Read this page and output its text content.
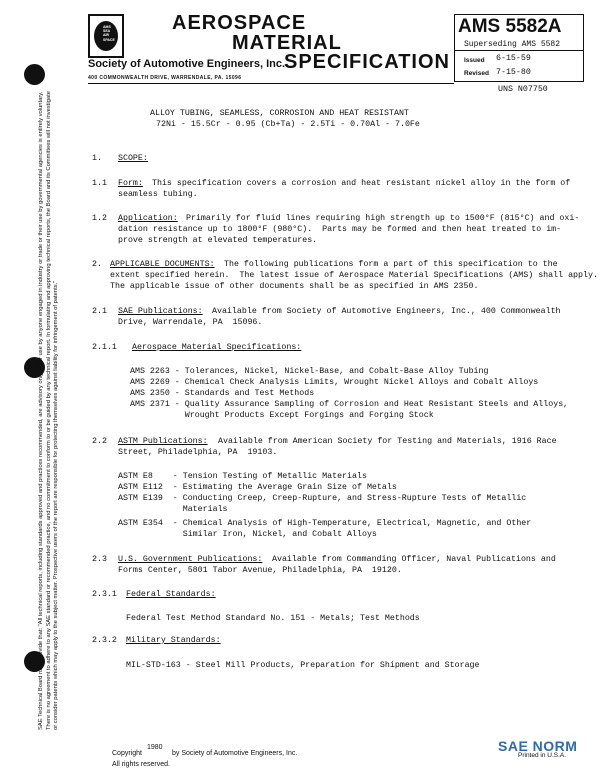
AMS
SEA
AIR
SPACE
AEROSPACE
MATERIAL
SPECIFICATION
Society of Automotive Engineers, Inc.
400 COMMONWEALTH DRIVE, WARRENDALE, PA. 15096
AMS 5582A
Superseding AMS 5582
Issued 6-15-59
Revised 7-15-80
UNS N07750
SAE Technical Board rules provide that: "All technical reports, including standards approved and practices recommended, are advisory only. Their use by anyone engaged in industry or trade or their use by governmental agencies is entirely voluntary. There is no agreement to adhere to any SAE standard or recommended practice, and no commitment to conform to or be guided by any technical report. In formulating and approving technical reports, the Board and its Committees will not investigate or consider patents which may apply to the subject matter. Prospective users of the report are responsible for protecting themselves against liability for infringement of patents."
ALLOY TUBING, SEAMLESS, CORROSION AND HEAT RESISTANT
72Ni - 15.5Cr - 0.95 (Cb+Ta) - 2.5Ti - 0.70Al - 7.0Fe
1. SCOPE:
1.1 Form: This specification covers a corrosion and heat resistant nickel alloy in the form of
seamless tubing.
1.2 Application: Primarily for fluid lines requiring high strength up to 1500°F (815°C) and oxi-
dation resistance up to 1800°F (980°C).  Parts may be formed and then heat treated to im-
prove strength at elevated temperatures.
2. APPLICABLE DOCUMENTS: The following publications form a part of this specification to the
extent specified herein.  The latest issue of Aerospace Material Specifications (AMS) shall apply.
The applicable issue of other documents shall be as specified in AMS 2350.
2.1 SAE Publications: Available from Society of Automotive Engineers, Inc., 400 Commonwealth
Drive, Warrendale, PA  15096.
2.1.1 Aerospace Material Specifications:
AMS 2263 - Tolerances, Nickel, Nickel-Base, and Cobalt-Base Alloy Tubing
AMS 2269 - Chemical Check Analysis Limits, Wrought Nickel Alloys and Cobalt Alloys
AMS 2350 - Standards and Test Methods
AMS 2371 - Quality Assurance Sampling of Corrosion and Heat Resistant Steels and Alloys,
Wrought Products Except Forgings and Forging Stock
2.2 ASTM Publications: Available from American Society for Testing and Materials, 1916 Race
Street, Philadelphia, PA  19103.
ASTM E8    - Tension Testing of Metallic Materials
ASTM E112  - Estimating the Average Grain Size of Metals
ASTM E139  - Conducting Creep, Creep-Rupture, and Stress-Rupture Tests of Metallic
Materials
ASTM E354  - Chemical Analysis of High-Temperature, Electrical, Magnetic, and Other
Similar Iron, Nickel, and Cobalt Alloys
2.3 U.S. Government Publications: Available from Commanding Officer, Naval Publications and
Forms Center, 5801 Tabor Avenue, Philadelphia, PA  19120.
2.3.1 Federal Standards:
Federal Test Method Standard No. 151 - Metals; Test Methods
2.3.2 Military Standards:
MIL-STD-163 - Steel Mill Products, Preparation for Shipment and Storage
Copyright
1980
by Society of Automotive Engineers, Inc.
All rights reserved.
Printed in U.S.A.
SAE NORM
